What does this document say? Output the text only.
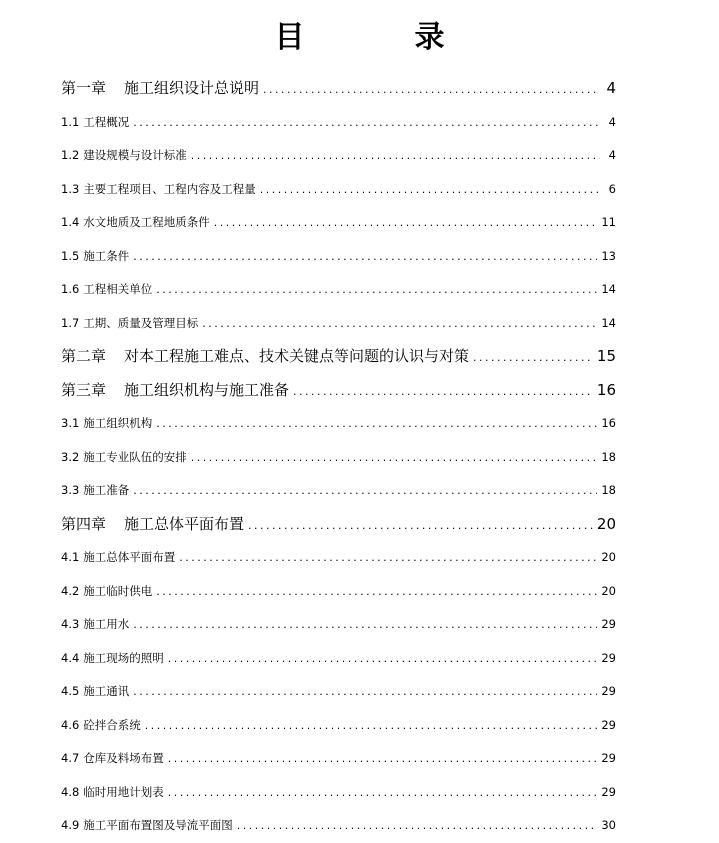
目	录
第一章 施工组织设计总说明 .....	4
1.1 工程概况 .....	4
1.2 建设规模与设计标准 .....	4
1.3 主要工程项目、工程内容及工程量 .....	6
1.4 水文地质及工程地质条件 .....	11
1.5 施工条件 .....	13
1.6 工程相关单位 .....	14
1.7 工期、质量及管理目标 .....	14
第二章 对本工程施工难点、技术关键点等问题的认识与对策 .....	15
第三章 施工组织机构与施工准备 .....	16
3.1 施工组织机构 .....	16
3.2 施工专业队伍的安排 .....	18
3.3 施工准备 .....	18
第四章 施工总体平面布置 .....	20
4.1 施工总体平面布置 .....	20
4.2 施工临时供电 .....	20
4.3 施工用水 .....	29
4.4 施工现场的照明 .....	29
4.5 施工通讯 .....	29
4.6 砼拌合系统 .....	29
4.7 仓库及料场布置 .....	29
4.8 临时用地计划表 .....	29
4.9 施工平面布置图及导流平面图 .....	30
